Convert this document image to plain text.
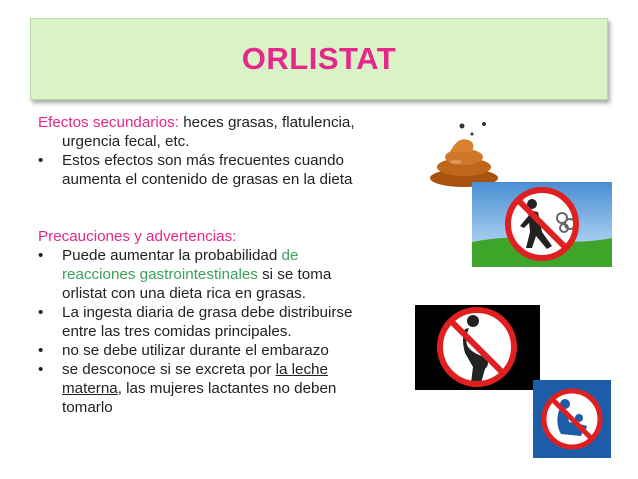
ORLISTAT

Efectos secundarios: heces grasas, flatulencia,

urgencia fecal, etc.

• Estos efectos son más frecuentes cuando
aumenta el contenido de grasas en la dieta

Precauciones y advertencias:

• Puede aumentar la probabilidad de
reacciones gastrointestinales si se toma
orlistat con una dieta rica en grasas.
• La ingesta diaria de grasa debe distribuirse
entre las tres comidas principales.
• no se debe utilizar durante el embarazo
• se desconoce si se excreta por la leche
materna, las mujeres lactantes no deben
tomarlo
